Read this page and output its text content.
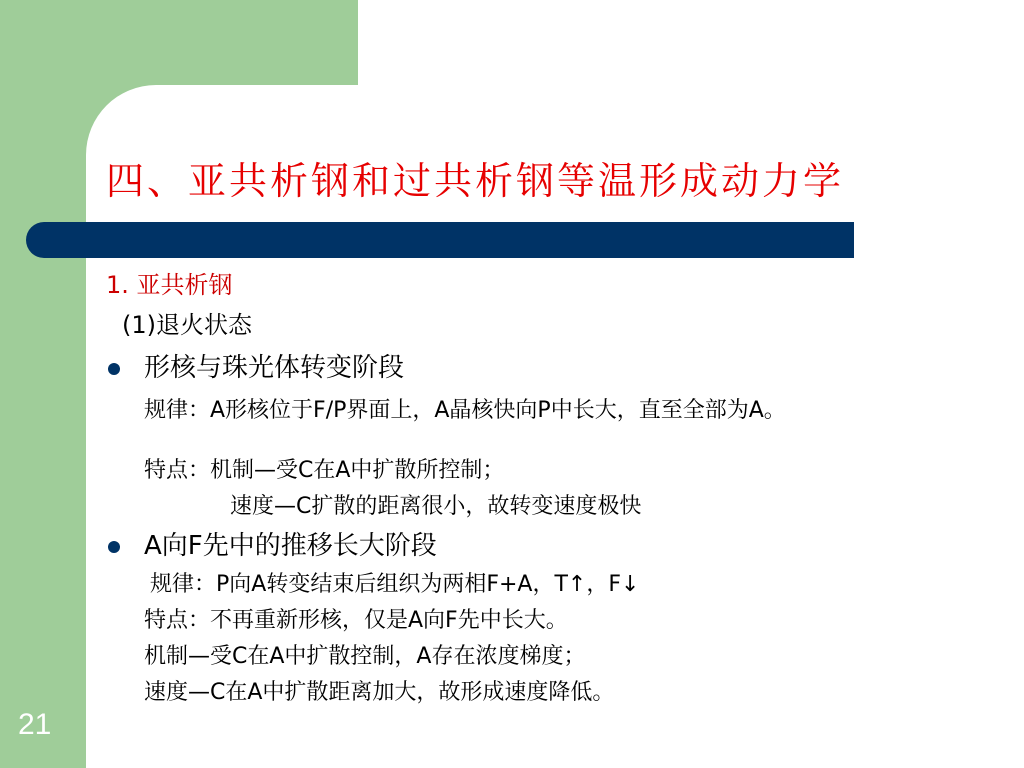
四、亚共析钢和过共析钢等温形成动力学

1. 亚共析钢

(1)退火状态

形核与珠光体转变阶段

规律：A形核位于F/P界面上，A晶核快向P中长大，直至全部为A。

特点：机制—受C在A中扩散所控制；

速度—C扩散的距离很小，故转变速度极快

A向F先中的推移长大阶段

规律：P向A转变结束后组织为两相F+A，T↑，F↓

特点：不再重新形核，仅是A向F先中长大。

机制—受C在A中扩散控制，A存在浓度梯度；

速度—C在A中扩散距离加大，故形成速度降低。

21
